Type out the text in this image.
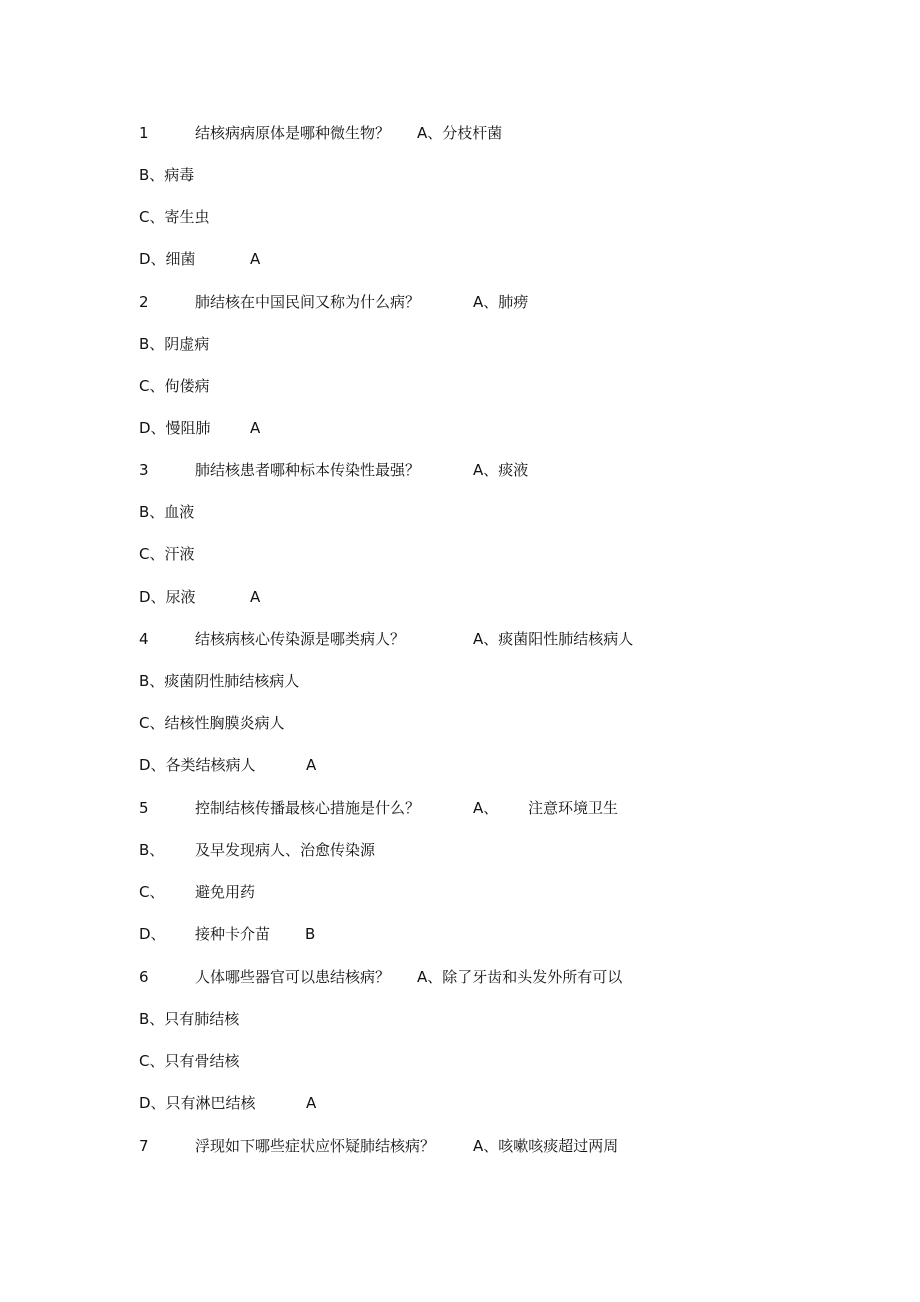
1	结核病病原体是哪种微生物？ A、分枝杆菌
B、病毒
C、寄生虫
D、细菌	A
2	肺结核在中国民间又称为什么病？	A、肺痨
B、阴虚病
C、佝偻病
D、慢阻肺	A
3	肺结核患者哪种标本传染性最强？	A、痰液
B、血液
C、汗液
D、尿液	A
4	结核病核心传染源是哪类病人？	A、痰菌阳性肺结核病人
B、痰菌阴性肺结核病人
C、结核性胸膜炎病人
D、各类结核病人	A
5	控制结核传播最核心措施是什么？	A、 注意环境卫生
B、 及早发现病人、治愈传染源
C、 避免用药
D、 接种卡介苗 B
6	人体哪些器官可以患结核病？ A、除了牙齿和头发外所有可以
B、只有肺结核
C、只有骨结核
D、只有淋巴结核	A
7	浮现如下哪些症状应怀疑肺结核病？	A、咳嗽咳痰超过两周
